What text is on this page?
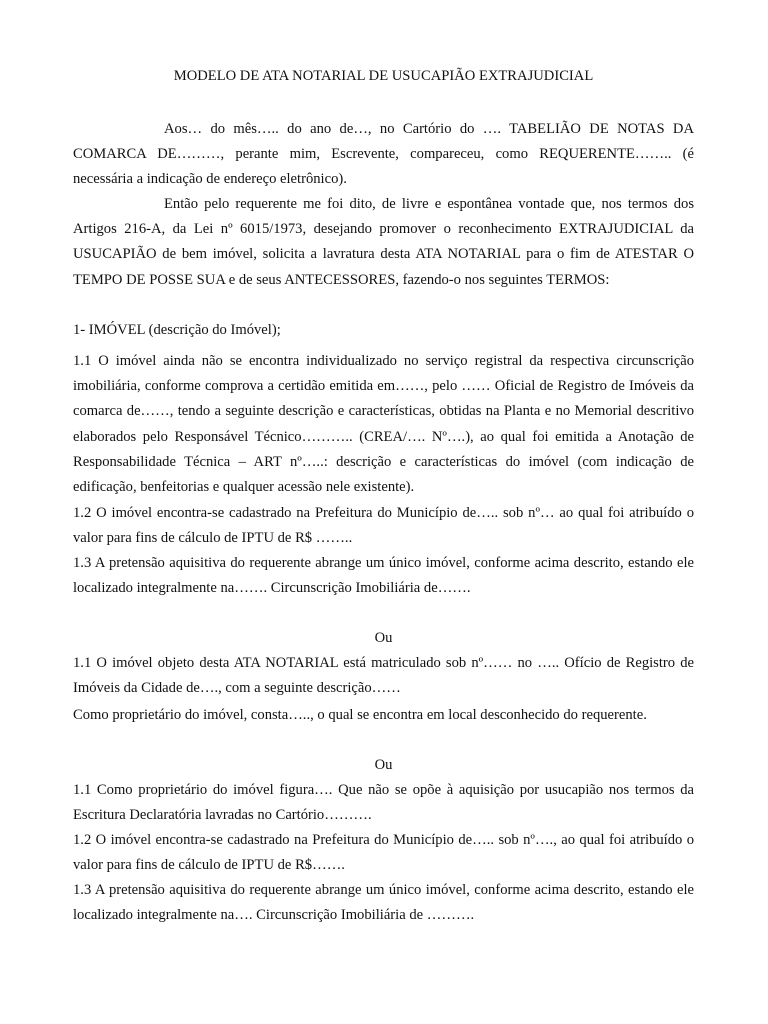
MODELO DE ATA NOTARIAL DE USUCAPIÃO EXTRAJUDICIAL

Aos… do mês….. do ano de…, no Cartório do …. TABELIÃO DE NOTAS DA COMARCA DE………, perante mim, Escrevente, compareceu, como REQUERENTE…….. (é necessária a indicação de endereço eletrônico).

Então pelo requerente me foi dito, de livre e espontânea vontade que, nos termos dos Artigos 216-A, da Lei nº 6015/1973, desejando promover o reconhecimento EXTRAJUDICIAL da USUCAPIÃO de bem imóvel, solicita a lavratura desta ATA NOTARIAL para o fim de ATESTAR O TEMPO DE POSSE SUA e de seus ANTECESSORES, fazendo-o nos seguintes TERMOS:

1- IMÓVEL (descrição do Imóvel);

1.1 O imóvel ainda não se encontra individualizado no serviço registral da respectiva circunscrição imobiliária, conforme comprova a certidão emitida em……, pelo …… Oficial de Registro de Imóveis da comarca de……, tendo a seguinte descrição e características, obtidas na Planta e no Memorial descritivo elaborados pelo Responsável Técnico……….. (CREA/…. Nº….), ao qual foi emitida a Anotação de Responsabilidade Técnica – ART nº…..: descrição e características do imóvel (com indicação de edificação, benfeitorias e qualquer acessão nele existente).

1.2 O imóvel encontra-se cadastrado na Prefeitura do Município de….. sob nº… ao qual foi atribuído o valor para fins de cálculo de IPTU de R$ ……..

1.3 A pretensão aquisitiva do requerente abrange um único imóvel, conforme acima descrito, estando ele localizado integralmente na……. Circunscrição Imobiliária de…….

Ou

1.1 O imóvel objeto desta ATA NOTARIAL está matriculado sob nº…… no ….. Ofício de Registro de Imóveis da Cidade de…., com a seguinte descrição……

Como proprietário do imóvel, consta….., o qual se encontra em local desconhecido do requerente.

Ou

1.1 Como proprietário do imóvel figura…. Que não se opõe à aquisição por usucapião nos termos da Escritura Declaratória lavradas no Cartório……….

1.2 O imóvel encontra-se cadastrado na Prefeitura do Município de….. sob nº…., ao qual foi atribuído o valor para fins de cálculo de IPTU de R$…….

1.3 A pretensão aquisitiva do requerente abrange um único imóvel, conforme acima descrito, estando ele localizado integralmente na…. Circunscrição Imobiliária de ……….
